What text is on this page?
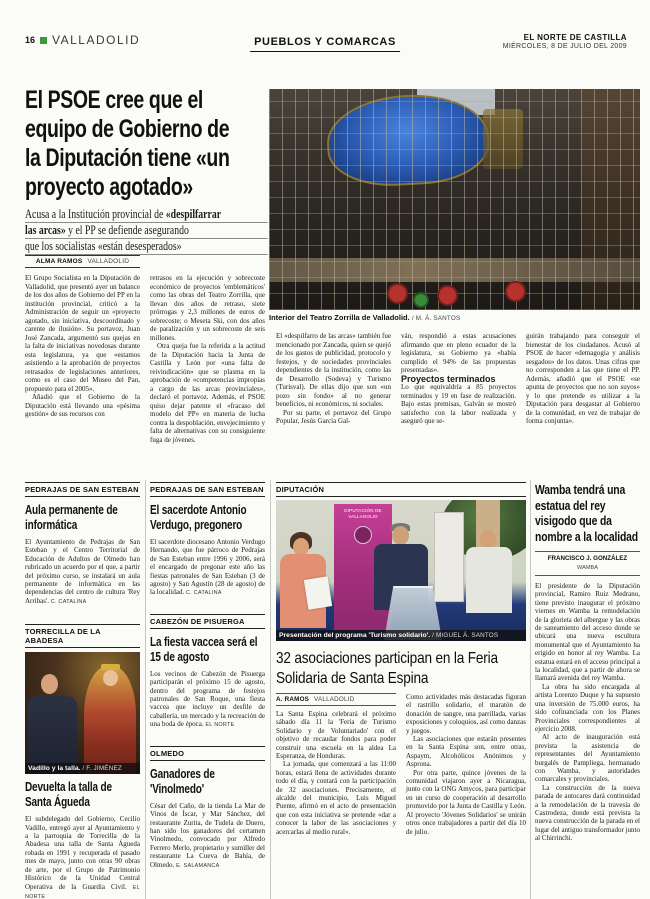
16 VALLADOLID	PUEBLOS Y COMARCAS	EL NORTE DE CASTILLA
MIÉRCOLES, 8 DE JULIO DEL 2009
El PSOE cree que el
equipo de Gobierno de
la Diputación tiene «un
proyecto agotado»
Acusa a la Institución provincial de «despilfarrar
las arcas» y el PP se defiende asegurando
que los socialistas «están desesperados»
ALMA RAMOS VALLADOLID

El Grupo Socialista en la Diputación de Valladolid, que presentó ayer un balance de los dos años de Gobierno del PP en la institución provincial, criticó a la Administración de seguir un «proyecto agotado, sin iniciativa, descoordinado y carente de ilusión». Su portavoz, Juan José Zancada, argumentó sus quejas en la falta de iniciativas novedosas durante esta legislatura, ya que «estamos asistiendo a la aprobación de proyectos retrasados de legislaciones anteriores, como es el caso del Museo del Pan, propuesto para el 2005».

Añadió que el Gobierno de la Diputación está llevando una «pésima gestión» de sus recursos con

retrasos en la ejecución y sobrecoste económico de proyectos 'emblemáticos' como las obras del Teatro Zorrilla, que llevan dos años de retraso, siete prórrogas y 2,3 millones de euros de sobrecoste; o Meseta Ski, con dos años de paralización y un sobrecoste de seis millones.

Otra queja fue la referida a la actitud de la Diputación hacia la Junta de Castilla y León por «una falta de reivindicación» que se plasma en la aprobación de «competencias impropias a cargo de las arcas provinciales», declaró el portavoz. Además, el PSOE quiso dejar patente el «fracaso del modelo del PP» en materia de lucha contra la despoblación, envejecimiento y falta de alternativas con su consiguiente fuga de jóvenes.

Interior del Teatro Zorrilla de Valladolid. / M. Á. SANTOS

El «despilfarro de las arcas» también fue mencionado por Zancada, quien se quejó de los gastos de publicidad, protocolo y festejos, y de sociedades provinciales dependientes de la institución, como las de Desarrollo (Sodeva) y Turismo (Turisval). De ellas dijo que son «un pozo sin fondo» al no generar beneficios, ni económicos, ni sociales.

Por su parte, el portavoz del Grupo Popular, Jesús García Gal-

ván, respondió a estas acusaciones afirmando que en pleno ecuador de la legislatura, su Gobierno ya «había cumplido el 94% de las propuestas presentadas».

Proyectos terminados

Lo que equivaldría a 85 proyectos terminados y 19 en fase de realización. Bajo estas premisas, Galván se mostró satisfecho con la labor realizada y aseguró que se-

guirán trabajando para conseguir el bienestar de los ciudadanos. Acusó al PSOE de hacer «demagogia y análisis sesgados» de los datos. Unas cifras que no corresponden a las que tiene el PP. Además, añadió que el PSOE «se apunta de proyectos que no son suyos» y lo que pretende es utilizar a la Diputación para desgastar al Gobierno de la comunidad, en vez de trabajar de forma conjunta».

PEDRAJAS DE SAN ESTEBAN
Aula permanente de informática

El Ayuntamiento de Pedrajas de San Esteban y el Centro Territorial de Educación de Adultos de Olmedo han rubricado un acuerdo por el que, a partir del próximo curso, se instalará un aula permanente de informática en las dependencias del centro de cultura 'Rey Arribas'. C. CATALINA

TORRECILLA DE LA ABADESA
Vadillo y la talla. / F. JIMÉNEZ
Devuelta la talla de Santa Águeda

El subdelegado del Gobierno, Cecilio Vadillo, entregó ayer al Ayuntamiento y a la parroquia de Torrecilla de la Abadesa una talla de Santa Águeda robada en 1991 y recuperada el pasado mes de mayo, junto con otras 90 obras de arte, por el Grupo de Patrimonio Histórico de la Unidad Central Operativa de la Guardia Civil. EL NORTE

PEDRAJAS DE SAN ESTEBAN
El sacerdote Antonio Verdugo, pregonero

El sacerdote diocesano Antonio Verdugo Hernando, que fue párroco de Pedrajas de San Esteban entre 1996 y 2006, será el encargado de pregonar este año las fiestas patronales de San Esteban (3 de agosto) y San Agustín (28 de agosto) de la localidad. C. CATALINA

CABEZÓN DE PISUERGA
La fiesta vaccea será el 15 de agosto

Los vecinos de Cabezón de Pisuerga participarán el próximo 15 de agosto, dentro del programa de festejos patronales de San Roque, una fiesta vaccea que incluye un desfile de caballería, un mercado y la recreación de una boda de época. EL NORTE

OLMEDO
Ganadores de 'Vinolmedo'

César del Caño, de la tienda La Mar de Vinos de Íscar, y Mar Sánchez, del restaurante Zurita, de Tudela de Duero, han sido los ganadores del certamen Vinolmedo, convocado por Alfredo Ferrero Merlo, propietario y sumiller del restaurante La Cueva de Bahía, de Olmedo. E. SALAMANCA

DIPUTACIÓN
DIPUTACIÓN DE VALLADOLID
Presentación del programa 'Turismo solidario'. / MIGUEL Á. SANTOS
32 asociaciones participan en la Feria Solidaria de Santa Espina
A. RAMOS VALLADOLID

La Santa Espina celebrará el próximo sábado día 11 la 'Feria de Turismo Solidario y de Voluntariado' con el objetivo de recaudar fondos para poder construir una escuela en la aldea La Esperanza, de Honduras.

La jornada, que comenzará a las 11:00 horas, estará llena de actividades durante todo el día, y contará con la participación de 32 asociaciones. Precisamente, el alcalde del municipio, Luis Miguel Puente, afirmó en el acto de presentación que con esta iniciativa se pretende «dar a conocer la labor de las asociaciones y acercarlas al medio rural».

Como actividades más destacadas figuran el rastrillo solidario, el maratón de donación de sangre, una parrillada, varias exposiciones y coloquios, así como danzas y juegos.

Las asociaciones que estarán presentes en la Santa Espina son, entre otras, Aspaym, Alcohólicos Anónimos y Asprona.

Por otra parte, quince jóvenes de la comunidad viajaron ayer a Nicaragua, junto con la ONG Amycos, para participar en un curso de cooperación al desarrollo promovido por la Junta de Castilla y León. Al proyecto 'Jóvenes Solidarios' se unirán otros once trabajadores a partir del día 10 de julio.

Wamba tendrá una estatua del rey visigodo que da nombre a la localidad
FRANCISCO J. GONZÁLEZ
WAMBA

El presidente de la Diputación provincial, Ramiro Ruiz Medrano, tiene previsto inaugurar el próximo viernes en Wamba la remodelación de la glorieta del albergue y las obras de saneamiento del acceso donde se ubicará una nueva escultura monumental que el Ayuntamiento ha erigido en honor al rey Wamba. La estatua estará en el acceso principal a la localidad, que a partir de ahora se llamará avenida del rey Wamba.

La obra ha sido encargada al artista Lorenzo Duque y ha supuesto una inversión de 75.000 euros, ha sido cofinanciada con los Planes Provinciales correspondientes al ejercicio 2008.

Al acto de inauguración está prevista la asistencia de representantes del Ayuntamiento burgalés de Pampliega, hermanado con Wamba, y autoridades comarcales y provinciales.

La construcción de la nueva parada de autocares dará continuidad a la remodelación de la travesía de Castrodeza, donde está prevista la nueva construcción de la parada en el lugar del antiguo transformador junto al Chirrinchi.
